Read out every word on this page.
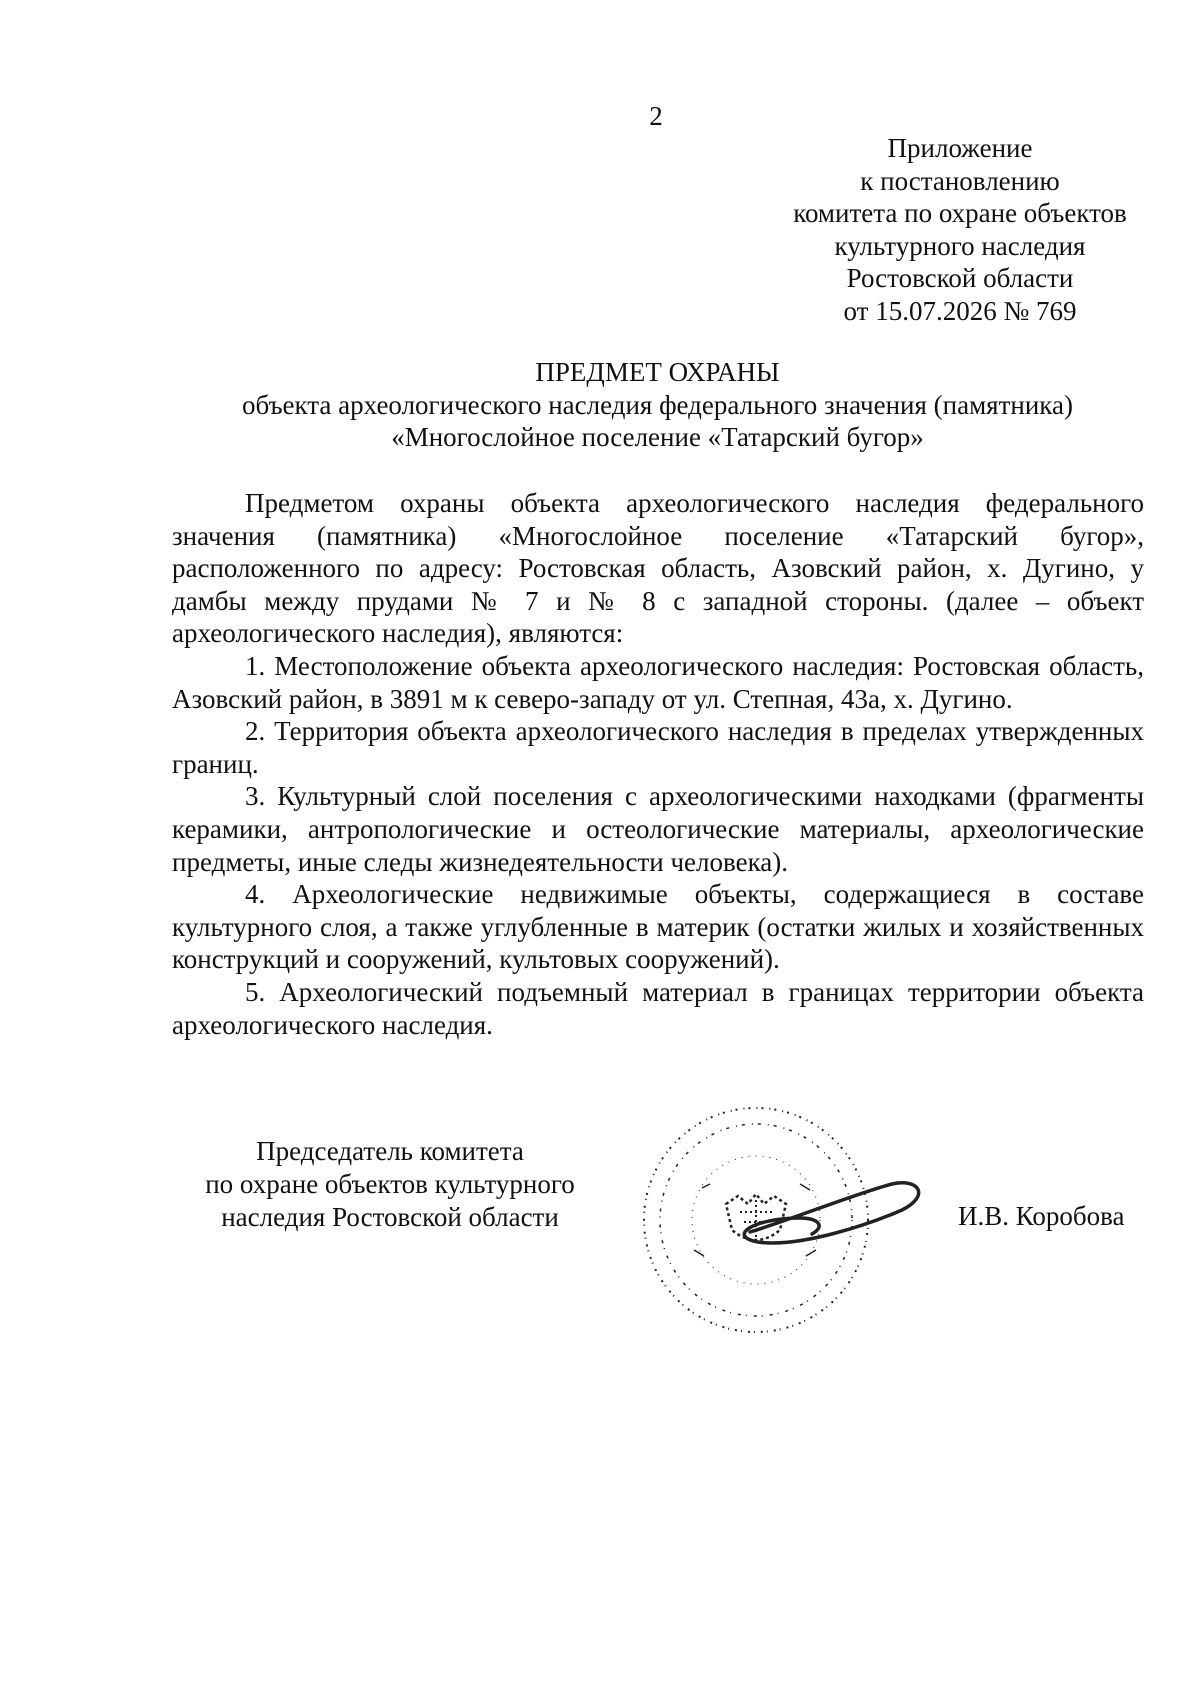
2
Приложение
к постановлению
комитета по охране объектов
культурного наследия
Ростовской области
от 15.07.2026 № 769
ПРЕДМЕТ ОХРАНЫ
объекта археологического наследия федерального значения (памятника)
«Многослойное поселение «Татарский бугор»

Предметом охраны объекта археологического наследия федерального значения (памятника) «Многослойное поселение «Татарский бугор», расположенного по адресу: Ростовская область, Азовский район, х. Дугино, у дамбы между прудами № 7 и № 8 с западной стороны. (далее – объект археологического наследия), являются:

1. Местоположение объекта археологического наследия: Ростовская область, Азовский район, в 3891 м к северо-западу от ул. Степная, 43а, х. Дугино.

2. Территория объекта археологического наследия в пределах утвержденных границ.

3. Культурный слой поселения с археологическими находками (фрагменты керамики, антропологические и остеологические материалы, археологические предметы, иные следы жизнедеятельности человека).

4. Археологические недвижимые объекты, содержащиеся в составе культурного слоя, а также углубленные в материк (остатки жилых и хозяйственных конструкций и сооружений, культовых сооружений).

5. Археологический подъемный материал в границах территории объекта археологического наследия.

Председатель комитета
по охране объектов культурного
наследия Ростовской области	И.В. Коробова
